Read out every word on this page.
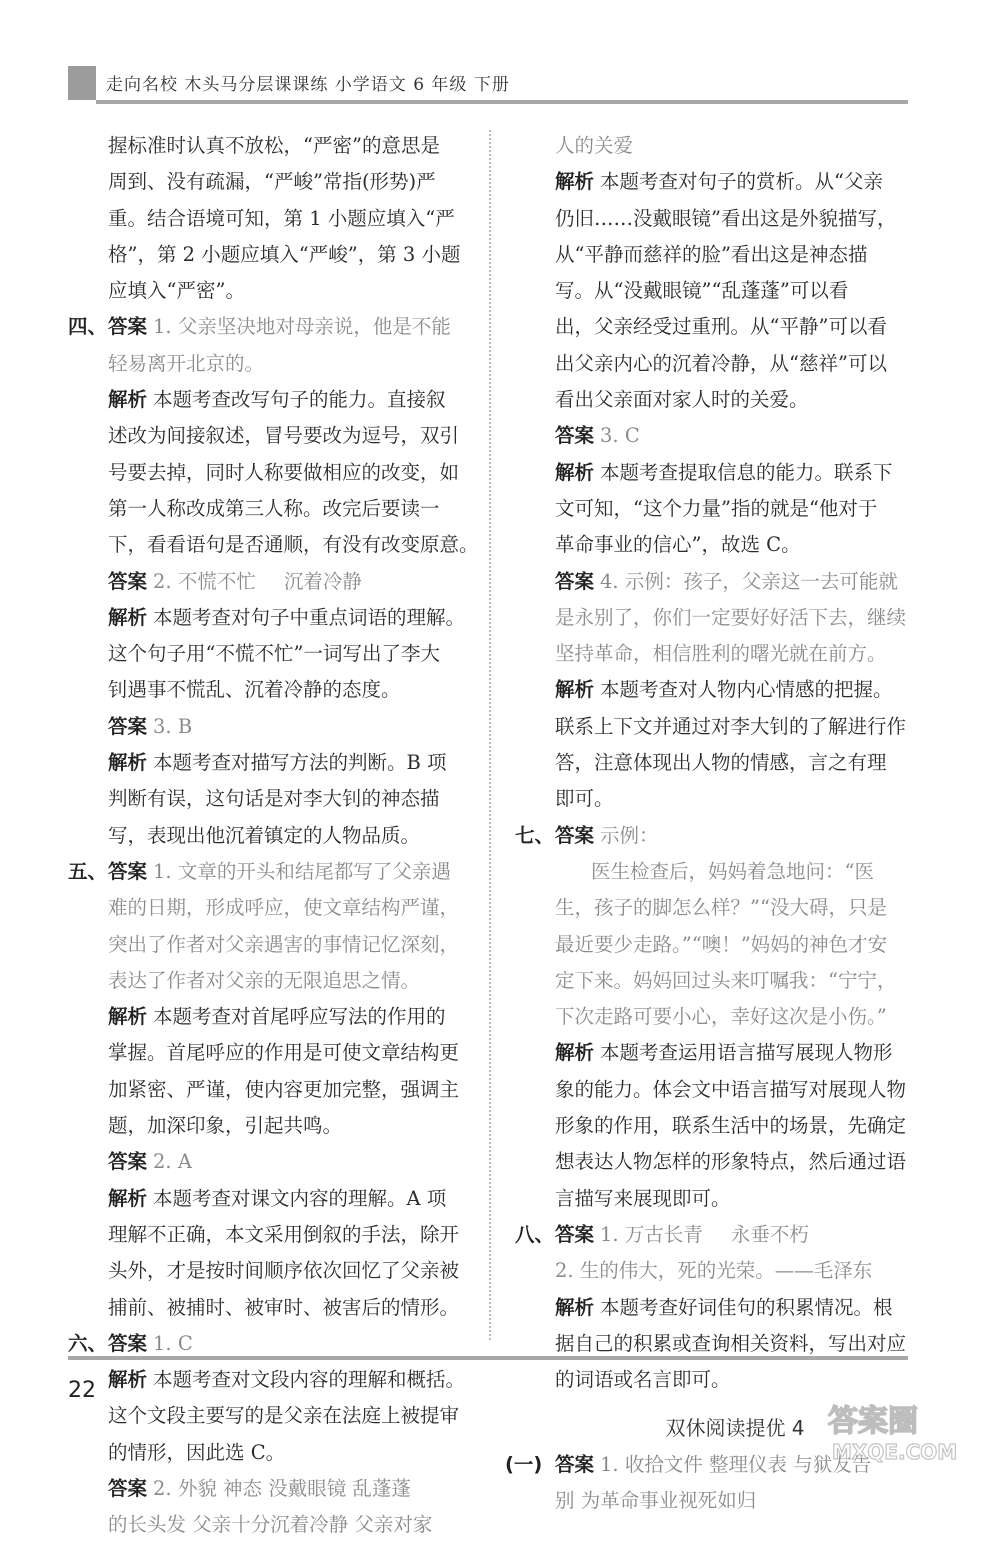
走向名校 木头马分层课课练 小学语文 6 年级 下册
握标准时认真不放松，“严密”的意思是
周到、没有疏漏，“严峻”常指(形势)严
重。结合语境可知，第 1 小题应填入“严
格”，第 2 小题应填入“严峻”，第 3 小题
应填入“严密”。
四、 答案 1. 父亲坚决地对母亲说，他是不能
轻易离开北京的。
解析 本题考查改写句子的能力。直接叙
述改为间接叙述，冒号要改为逗号，双引
号要去掉，同时人称要做相应的改变，如
第一人称改成第三人称。改完后要读一
下，看看语句是否通顺，有没有改变原意。
答案 2. 不慌不忙 沉着冷静
解析 本题考查对句子中重点词语的理解。
这个句子用“不慌不忙”一词写出了李大
钊遇事不慌乱、沉着冷静的态度。
答案 3. B
解析 本题考查对描写方法的判断。B 项
判断有误，这句话是对李大钊的神态描
写，表现出他沉着镇定的人物品质。
五、 答案 1. 文章的开头和结尾都写了父亲遇
难的日期，形成呼应，使文章结构严谨，
突出了作者对父亲遇害的事情记忆深刻，
表达了作者对父亲的无限追思之情。
解析 本题考查对首尾呼应写法的作用的
掌握。首尾呼应的作用是可使文章结构更
加紧密、严谨，使内容更加完整，强调主
题，加深印象，引起共鸣。
答案 2. A
解析 本题考查对课文内容的理解。A 项
理解不正确，本文采用倒叙的手法，除开
头外，才是按时间顺序依次回忆了父亲被
捕前、被捕时、被审时、被害后的情形。
六、 答案 1. C
解析 本题考查对文段内容的理解和概括。
这个文段主要写的是父亲在法庭上被提审
的情形，因此选 C。
答案 2. 外貌 神态 没戴眼镜 乱蓬蓬
的长头发 父亲十分沉着冷静 父亲对家
人的关爱
解析 本题考查对句子的赏析。从“父亲
仍旧……没戴眼镜”看出这是外貌描写，
从“平静而慈祥的脸”看出这是神态描
写。从“没戴眼镜”“乱蓬蓬”可以看
出，父亲经受过重刑。从“平静”可以看
出父亲内心的沉着冷静，从“慈祥”可以
看出父亲面对家人时的关爱。
答案 3. C
解析 本题考查提取信息的能力。联系下
文可知，“这个力量”指的就是“他对于
革命事业的信心”，故选 C。
答案 4. 示例：孩子，父亲这一去可能就
是永别了，你们一定要好好活下去，继续
坚持革命，相信胜利的曙光就在前方。
解析 本题考查对人物内心情感的把握。
联系上下文并通过对李大钊的了解进行作
答，注意体现出人物的情感，言之有理
即可。
七、 答案 示例：
医生检查后，妈妈着急地问：“医
生，孩子的脚怎么样？”“没大碍，只是
最近要少走路。”“噢！”妈妈的神色才安
定下来。妈妈回过头来叮嘱我：“宁宁，
下次走路可要小心，幸好这次是小伤。”
解析 本题考查运用语言描写展现人物形
象的能力。体会文中语言描写对展现人物
形象的作用，联系生活中的场景，先确定
想表达人物怎样的形象特点，然后通过语
言描写来展现即可。
八、 答案 1. 万古长青 永垂不朽
2. 生的伟大，死的光荣。——毛泽东
解析 本题考查好词佳句的积累情况。根
据自己的积累或查询相关资料，写出对应
的词语或名言即可。
双休阅读提优 4
(一) 答案 1. 收拾文件 整理仪表 与狱友告
别 为革命事业视死如归
22
答案圈
MXQE.COM
